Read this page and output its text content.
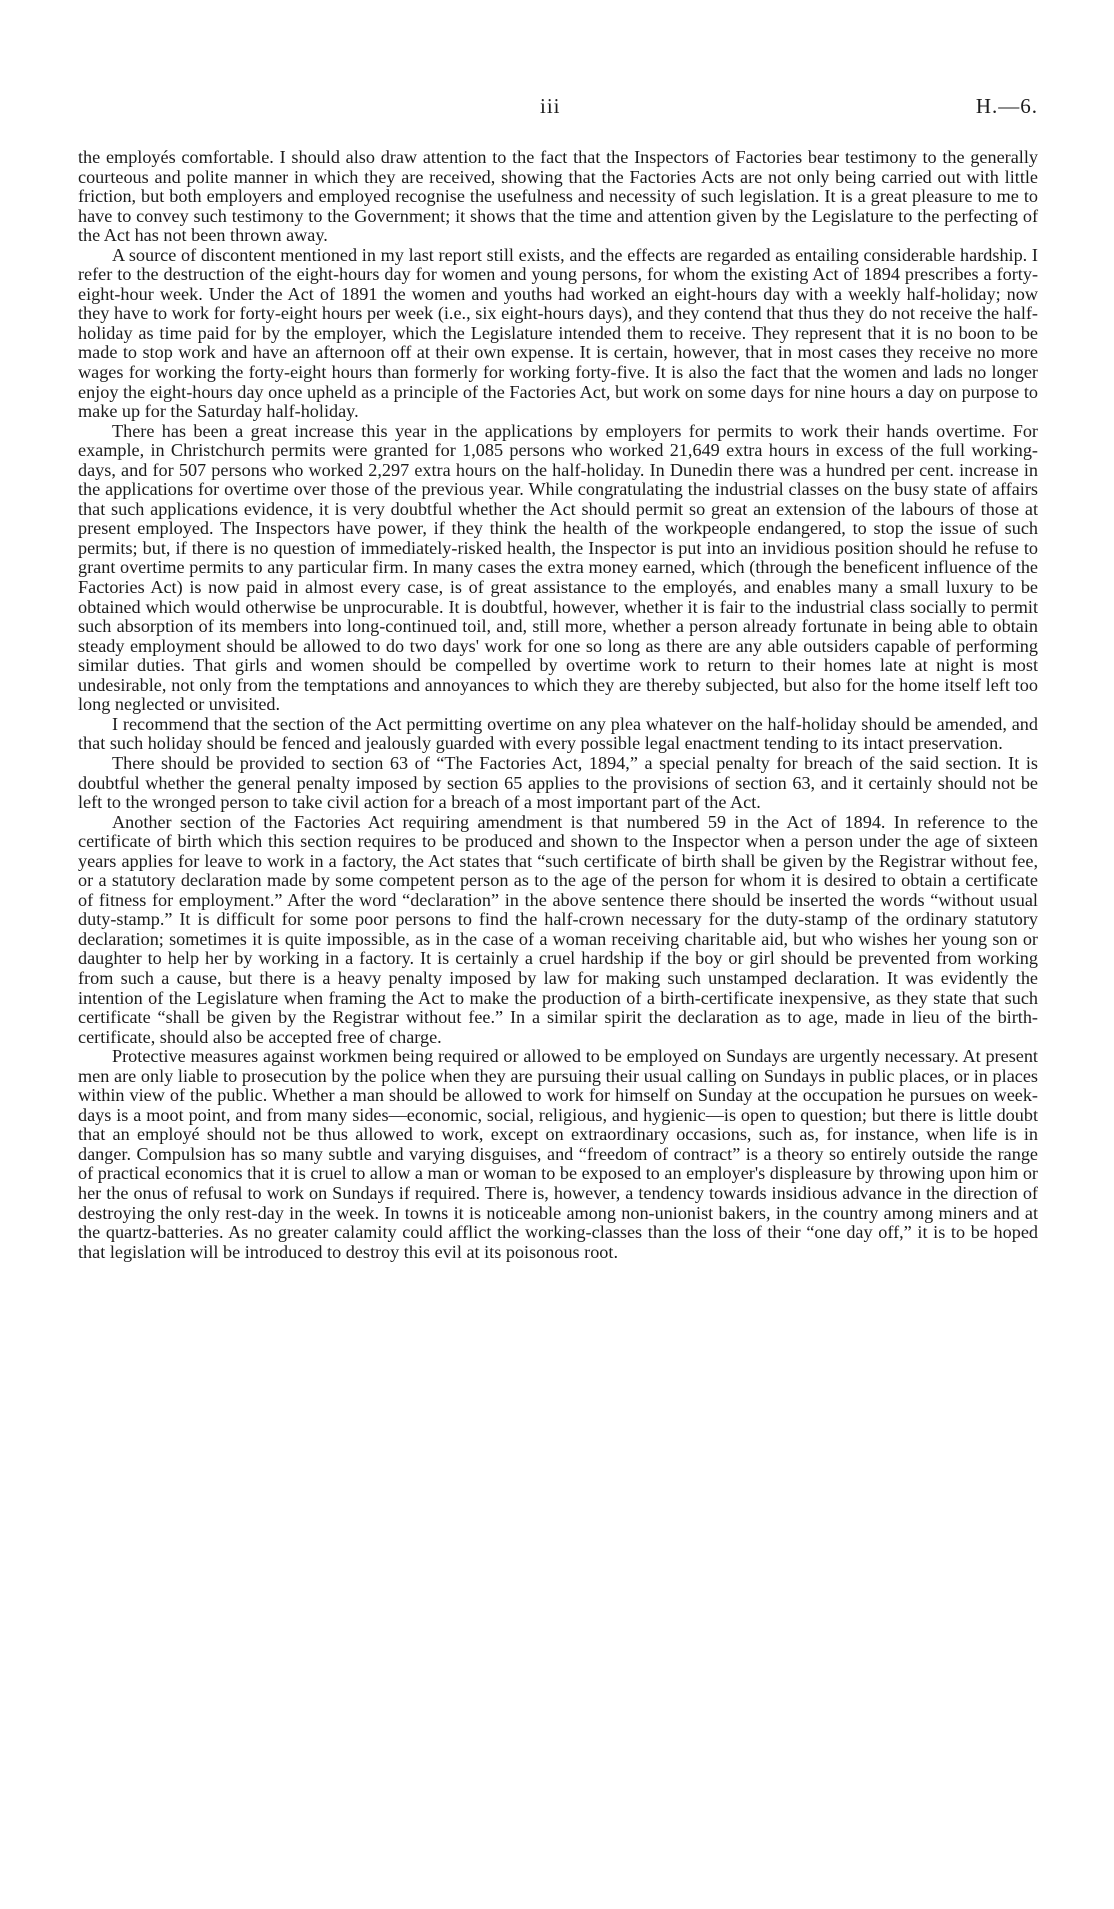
iii	H.—6.

the employés comfortable. I should also draw attention to the fact that the Inspectors of Factories bear testimony to the generally courteous and polite manner in which they are received, showing that the Factories Acts are not only being carried out with little friction, but both employers and employed recognise the usefulness and necessity of such legislation. It is a great pleasure to me to have to convey such testimony to the Government; it shows that the time and attention given by the Legislature to the perfecting of the Act has not been thrown away.

A source of discontent mentioned in my last report still exists, and the effects are regarded as entailing considerable hardship. I refer to the destruction of the eight-hours day for women and young persons, for whom the existing Act of 1894 prescribes a forty-eight-hour week. Under the Act of 1891 the women and youths had worked an eight-hours day with a weekly half-holiday; now they have to work for forty-eight hours per week (i.e., six eight-hours days), and they contend that thus they do not receive the half-holiday as time paid for by the employer, which the Legislature intended them to receive. They represent that it is no boon to be made to stop work and have an afternoon off at their own expense. It is certain, however, that in most cases they receive no more wages for working the forty-eight hours than formerly for working forty-five. It is also the fact that the women and lads no longer enjoy the eight-hours day once upheld as a principle of the Factories Act, but work on some days for nine hours a day on purpose to make up for the Saturday half-holiday.

There has been a great increase this year in the applications by employers for permits to work their hands overtime. For example, in Christchurch permits were granted for 1,085 persons who worked 21,649 extra hours in excess of the full working-days, and for 507 persons who worked 2,297 extra hours on the half-holiday. In Dunedin there was a hundred per cent. increase in the applications for overtime over those of the previous year. While congratulating the industrial classes on the busy state of affairs that such applications evidence, it is very doubtful whether the Act should permit so great an extension of the labours of those at present employed. The Inspectors have power, if they think the health of the workpeople endangered, to stop the issue of such permits; but, if there is no question of immediately-risked health, the Inspector is put into an invidious position should he refuse to grant overtime permits to any particular firm. In many cases the extra money earned, which (through the beneficent influence of the Factories Act) is now paid in almost every case, is of great assistance to the employés, and enables many a small luxury to be obtained which would otherwise be unprocurable. It is doubtful, however, whether it is fair to the industrial class socially to permit such absorption of its members into long-continued toil, and, still more, whether a person already fortunate in being able to obtain steady employment should be allowed to do two days' work for one so long as there are any able outsiders capable of performing similar duties. That girls and women should be compelled by overtime work to return to their homes late at night is most undesirable, not only from the temptations and annoyances to which they are thereby subjected, but also for the home itself left too long neglected or unvisited.

I recommend that the section of the Act permitting overtime on any plea whatever on the half-holiday should be amended, and that such holiday should be fenced and jealously guarded with every possible legal enactment tending to its intact preservation.

There should be provided to section 63 of “The Factories Act, 1894,” a special penalty for breach of the said section. It is doubtful whether the general penalty imposed by section 65 applies to the provisions of section 63, and it certainly should not be left to the wronged person to take civil action for a breach of a most important part of the Act.

Another section of the Factories Act requiring amendment is that numbered 59 in the Act of 1894. In reference to the certificate of birth which this section requires to be produced and shown to the Inspector when a person under the age of sixteen years applies for leave to work in a factory, the Act states that “such certificate of birth shall be given by the Registrar without fee, or a statutory declaration made by some competent person as to the age of the person for whom it is desired to obtain a certificate of fitness for employment.” After the word “declaration” in the above sentence there should be inserted the words “without usual duty-stamp.” It is difficult for some poor persons to find the half-crown necessary for the duty-stamp of the ordinary statutory declaration; sometimes it is quite impossible, as in the case of a woman receiving charitable aid, but who wishes her young son or daughter to help her by working in a factory. It is certainly a cruel hardship if the boy or girl should be prevented from working from such a cause, but there is a heavy penalty imposed by law for making such unstamped declaration. It was evidently the intention of the Legislature when framing the Act to make the production of a birth-certificate inexpensive, as they state that such certificate “shall be given by the Registrar without fee.” In a similar spirit the declaration as to age, made in lieu of the birth-certificate, should also be accepted free of charge.

Protective measures against workmen being required or allowed to be employed on Sundays are urgently necessary. At present men are only liable to prosecution by the police when they are pursuing their usual calling on Sundays in public places, or in places within view of the public. Whether a man should be allowed to work for himself on Sunday at the occupation he pursues on week-days is a moot point, and from many sides—economic, social, religious, and hygienic—is open to question; but there is little doubt that an employé should not be thus allowed to work, except on extraordinary occasions, such as, for instance, when life is in danger. Compulsion has so many subtle and varying disguises, and “freedom of contract” is a theory so entirely outside the range of practical economics that it is cruel to allow a man or woman to be exposed to an employer's displeasure by throwing upon him or her the onus of refusal to work on Sundays if required. There is, however, a tendency towards insidious advance in the direction of destroying the only rest-day in the week. In towns it is noticeable among non-unionist bakers, in the country among miners and at the quartz-batteries. As no greater calamity could afflict the working-classes than the loss of their “one day off,” it is to be hoped that legislation will be introduced to destroy this evil at its poisonous root.
